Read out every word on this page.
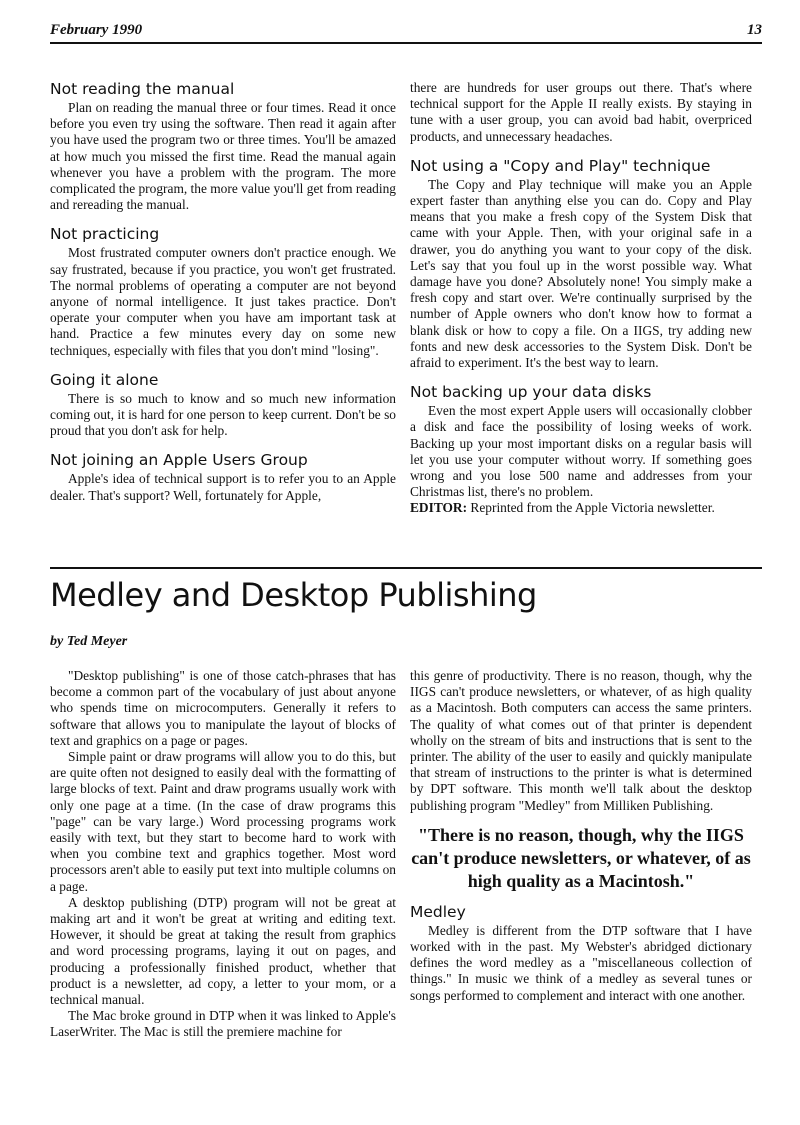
February 1990	13
Not reading the manual

Plan on reading the manual three or four times. Read it once before you even try using the software. Then read it again after you have used the program two or three times. You'll be amazed at how much you missed the first time. Read the manual again whenever you have a problem with the program. The more complicated the program, the more value you'll get from reading and rereading the manual.

Not practicing

Most frustrated computer owners don't practice enough. We say frustrated, because if you practice, you won't get frustrated. The normal problems of operating a computer are not beyond anyone of normal intelligence. It just takes practice. Don't operate your computer when you have am important task at hand. Practice a few minutes every day on some new techniques, especially with files that you don't mind "losing".

Going it alone

There is so much to know and so much new information coming out, it is hard for one person to keep current. Don't be so proud that you don't ask for help.

Not joining an Apple Users Group

Apple's idea of technical support is to refer you to an Apple dealer. That's support? Well, fortunately for Apple,

there are hundreds for user groups out there. That's where technical support for the Apple II really exists. By staying in tune with a user group, you can avoid bad habit, overpriced products, and unnecessary headaches.

Not using a "Copy and Play" technique

The Copy and Play technique will make you an Apple expert faster than anything else you can do. Copy and Play means that you make a fresh copy of the System Disk that came with your Apple. Then, with your original safe in a drawer, you do anything you want to your copy of the disk. Let's say that you foul up in the worst possible way. What damage have you done? Absolutely none! You simply make a fresh copy and start over. We're continually surprised by the number of Apple owners who don't know how to format a blank disk or how to copy a file. On a IIGS, try adding new fonts and new desk accessories to the System Disk. Don't be afraid to experiment. It's the best way to learn.

Not backing up your data disks

Even the most expert Apple users will occasionally clobber a disk and face the possibility of losing weeks of work. Backing up your most important disks on a regular basis will let you use your computer without worry. If something goes wrong and you lose 500 name and addresses from your Christmas list, there's no problem.

EDITOR: Reprinted from the Apple Victoria newsletter.

Medley and Desktop Publishing
by Ted Meyer

"Desktop publishing" is one of those catch-phrases that has become a common part of the vocabulary of just about anyone who spends time on microcomputers. Generally it refers to software that allows you to manipulate the layout of blocks of text and graphics on a page or pages.

Simple paint or draw programs will allow you to do this, but are quite often not designed to easily deal with the formatting of large blocks of text. Paint and draw programs usually work with only one page at a time. (In the case of draw programs this "page" can be vary large.) Word processing programs work easily with text, but they start to become hard to work with when you combine text and graphics together. Most word processors aren't able to easily put text into multiple columns on a page.

A desktop publishing (DTP) program will not be great at making art and it won't be great at writing and editing text. However, it should be great at taking the result from graphics and word processing programs, laying it out on pages, and producing a professionally finished product, whether that product is a newsletter, ad copy, a letter to your mom, or a technical manual.

The Mac broke ground in DTP when it was linked to Apple's LaserWriter. The Mac is still the premiere machine for

this genre of productivity. There is no reason, though, why the IIGS can't produce newsletters, or whatever, of as high quality as a Macintosh. Both computers can access the same printers. The quality of what comes out of that printer is dependent wholly on the stream of bits and instructions that is sent to the printer. The ability of the user to easily and quickly manipulate that stream of instructions to the printer is what is determined by DPT software. This month we'll talk about the desktop publishing program "Medley" from Milliken Publishing.

"There is no reason, though, why the IIGS can't produce newsletters, or whatever, of as high quality as a Macintosh."
Medley

Medley is different from the DTP software that I have worked with in the past. My Webster's abridged dictionary defines the word medley as a "miscellaneous collection of things." In music we think of a medley as several tunes or songs performed to complement and interact with one another.
